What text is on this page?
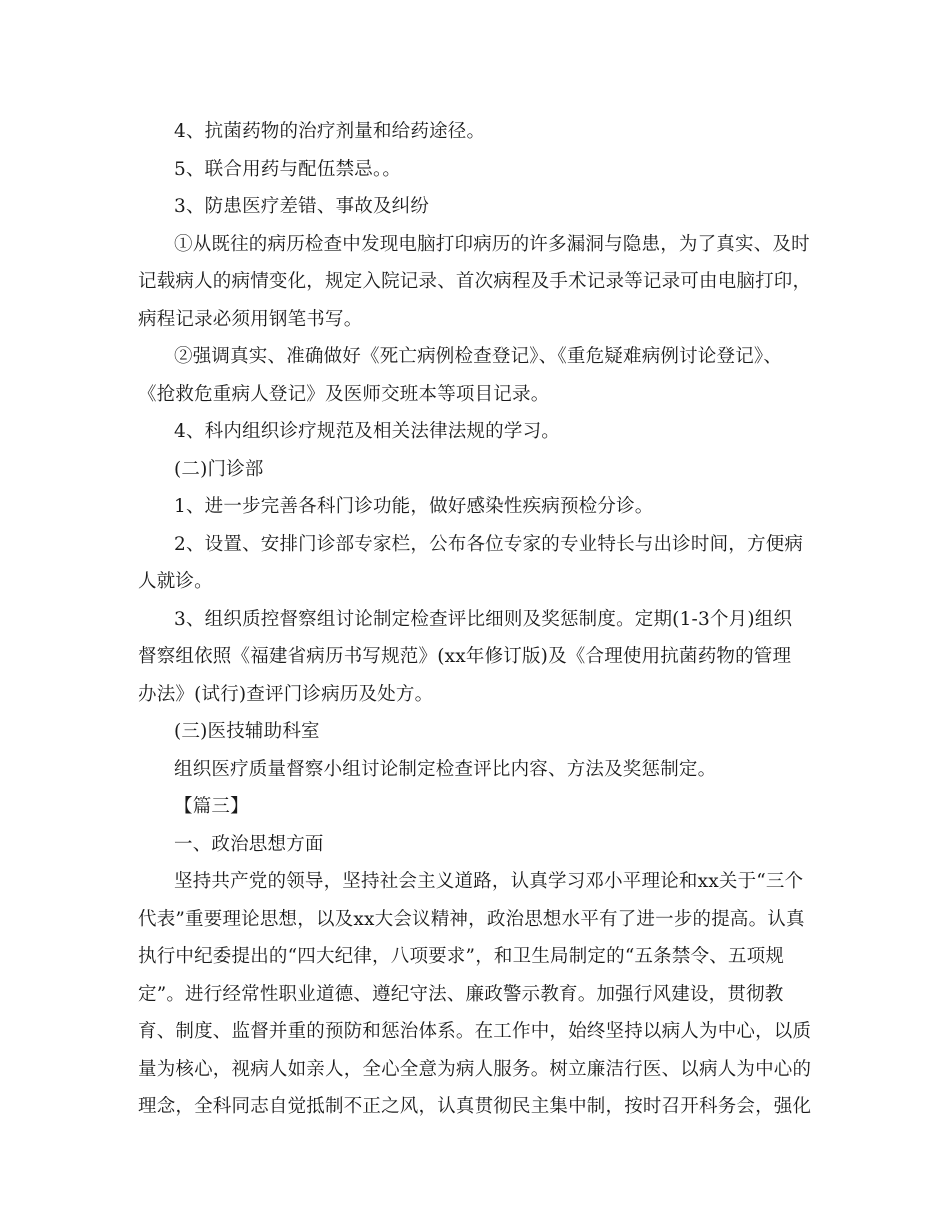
4、抗菌药物的治疗剂量和给药途径。
5、联合用药与配伍禁忌。。
3、防患医疗差错、事故及纠纷
①从既往的病历检查中发现电脑打印病历的许多漏洞与隐患，为了真实、及时
记载病人的病情变化，规定入院记录、首次病程及手术记录等记录可由电脑打印，
病程记录必须用钢笔书写。
②强调真实、准确做好《死亡病例检查登记》、《重危疑难病例讨论登记》、
《抢救危重病人登记》及医师交班本等项目记录。
4、科内组织诊疗规范及相关法律法规的学习。
(二)门诊部
1、进一步完善各科门诊功能，做好感染性疾病预检分诊。
2、设置、安排门诊部专家栏，公布各位专家的专业特长与出诊时间，方便病
人就诊。
3、组织质控督察组讨论制定检查评比细则及奖惩制度。定期(1-3个月)组织
督察组依照《福建省病历书写规范》(xx年修订版)及《合理使用抗菌药物的管理
办法》(试行)查评门诊病历及处方。
(三)医技辅助科室
组织医疗质量督察小组讨论制定检查评比内容、方法及奖惩制定。
【篇三】
一、政治思想方面
坚持共产党的领导，坚持社会主义道路，认真学习邓小平理论和xx关于“三个
代表”重要理论思想，以及xx大会议精神，政治思想水平有了进一步的提高。认真
执行中纪委提出的“四大纪律，八项要求”，和卫生局制定的“五条禁令、五项规
定”。进行经常性职业道德、遵纪守法、廉政警示教育。加强行风建设，贯彻教
育、制度、监督并重的预防和惩治体系。在工作中，始终坚持以病人为中心，以质
量为核心，视病人如亲人，全心全意为病人服务。树立廉洁行医、以病人为中心的
理念，全科同志自觉抵制不正之风，认真贯彻民主集中制，按时召开科务会，强化
